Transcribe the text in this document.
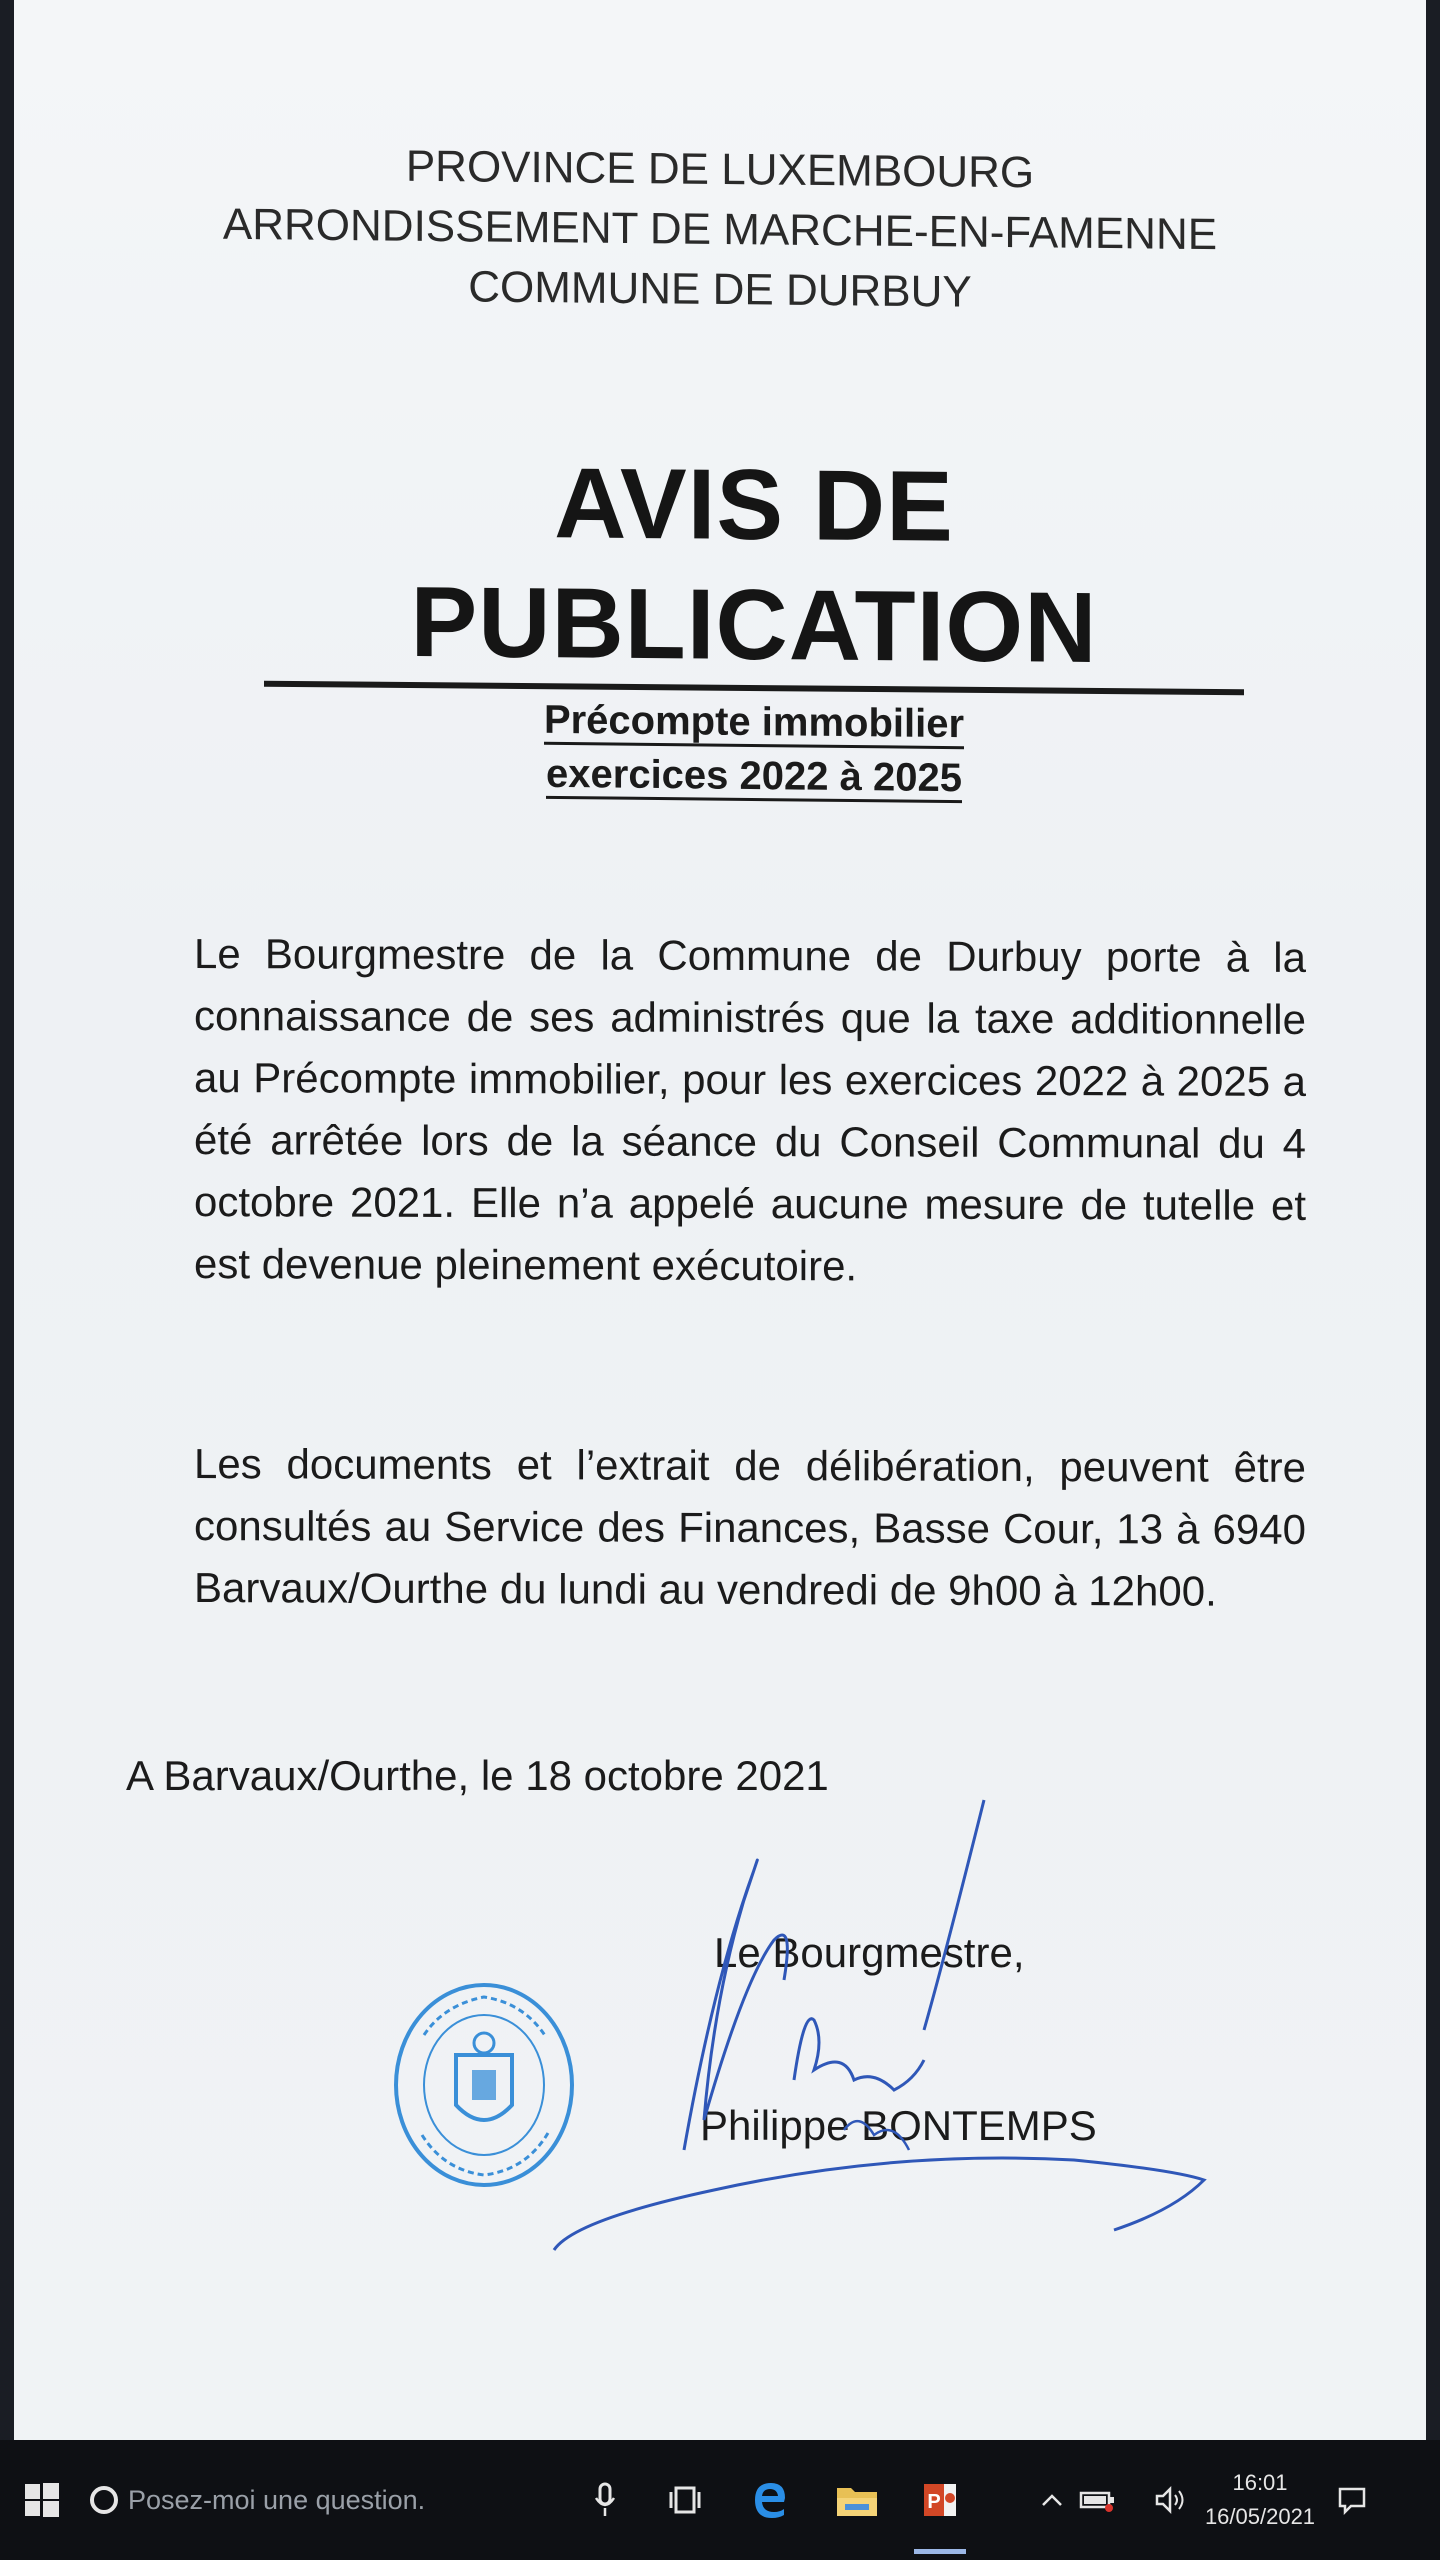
PROVINCE DE LUXEMBOURG
ARRONDISSEMENT DE MARCHE-EN-FAMENNE
COMMUNE DE DURBUY
AVIS DE PUBLICATION
Précompte immobilier
exercices 2022 à 2025
Le Bourgmestre de la Commune de Durbuy porte à la connaissance de ses administrés que la taxe additionnelle au Précompte immobilier, pour les exercices 2022 à 2025 a été arrêtée lors de la séance du Conseil Communal du 4 octobre 2021. Elle n’a appelé aucune mesure de tutelle et est devenue pleinement exécutoire.
Les documents et l’extrait de délibération, peuvent être consultés au Service des Finances, Basse Cour, 13 à 6940 Barvaux/Ourthe du lundi au vendredi de 9h00 à 12h00.
A Barvaux/Ourthe, le 18 octobre 2021
Le Bourgmestre,
Philippe BONTEMPS
Posez-moi une question.	P
16:01
16/05/2021
